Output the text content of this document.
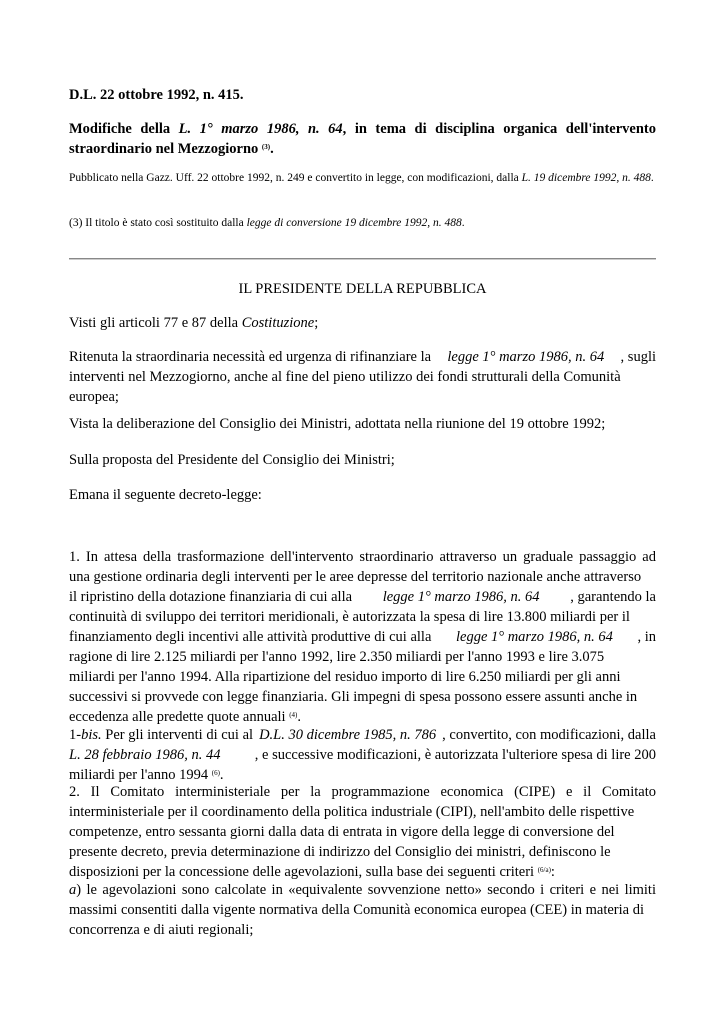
D.L. 22 ottobre 1992, n. 415.
Modifiche della L. 1° marzo 1986, n. 64, in tema di disciplina organica dell'intervento straordinario nel Mezzogiorno $^{(3)}$.
Pubblicato nella Gazz. Uff. 22 ottobre 1992, n. 249 e convertito in legge, con modificazioni, dalla L. 19 dicembre 1992, n. 488.
(3) Il titolo è stato così sostituito dalla legge di conversione 19 dicembre 1992, n. 488.
IL PRESIDENTE DELLA REPUBBLICA
Visti gli articoli 77 e 87 della Costituzione;
Ritenuta la straordinaria necessità ed urgenza di rifinanziare la legge 1° marzo 1986, n. 64 , sugli
interventi nel Mezzogiorno, anche al fine del pieno utilizzo dei fondi strutturali della Comunità
europea;
Vista la deliberazione del Consiglio dei Ministri, adottata nella riunione del 19 ottobre 1992;
Sulla proposta del Presidente del Consiglio dei Ministri;
Emana il seguente decreto-legge:
1. In attesa della trasformazione dell'intervento straordinario attraverso un graduale passaggio ad
una gestione ordinaria degli interventi per le aree depresse del territorio nazionale anche attraverso
il ripristino della dotazione finanziaria di cui alla legge 1° marzo 1986, n. 64 , garantendo la
continuità di sviluppo dei territori meridionali, è autorizzata la spesa di lire 13.800 miliardi per il
finanziamento degli incentivi alle attività produttive di cui alla legge 1° marzo 1986, n. 64 , in
ragione di lire 2.125 miliardi per l'anno 1992, lire 2.350 miliardi per l'anno 1993 e lire 3.075
miliardi per l'anno 1994. Alla ripartizione del residuo importo di lire 6.250 miliardi per gli anni
successivi si provvede con legge finanziaria. Gli impegni di spesa possono essere assunti anche in
eccedenza alle predette quote annuali $^{(4)}$.
1-bis. Per gli interventi di cui al D.L. 30 dicembre 1985, n. 786 , convertito, con modificazioni, dalla
L. 28 febbraio 1986, n. 44 , e successive modificazioni, è autorizzata l'ulteriore spesa di lire 200
miliardi per l'anno 1994 $^{(6)}$.
2. Il Comitato interministeriale per la programmazione economica (CIPE) e il Comitato
interministeriale per il coordinamento della politica industriale (CIPI), nell'ambito delle rispettive
competenze, entro sessanta giorni dalla data di entrata in vigore della legge di conversione del
presente decreto, previa determinazione di indirizzo del Consiglio dei ministri, definiscono le
disposizioni per la concessione delle agevolazioni, sulla base dei seguenti criteri $^{(6/a)}$:
a) le agevolazioni sono calcolate in «equivalente sovvenzione netto» secondo i criteri e nei limiti
massimi consentiti dalla vigente normativa della Comunità economica europea (CEE) in materia di
concorrenza e di aiuti regionali;
